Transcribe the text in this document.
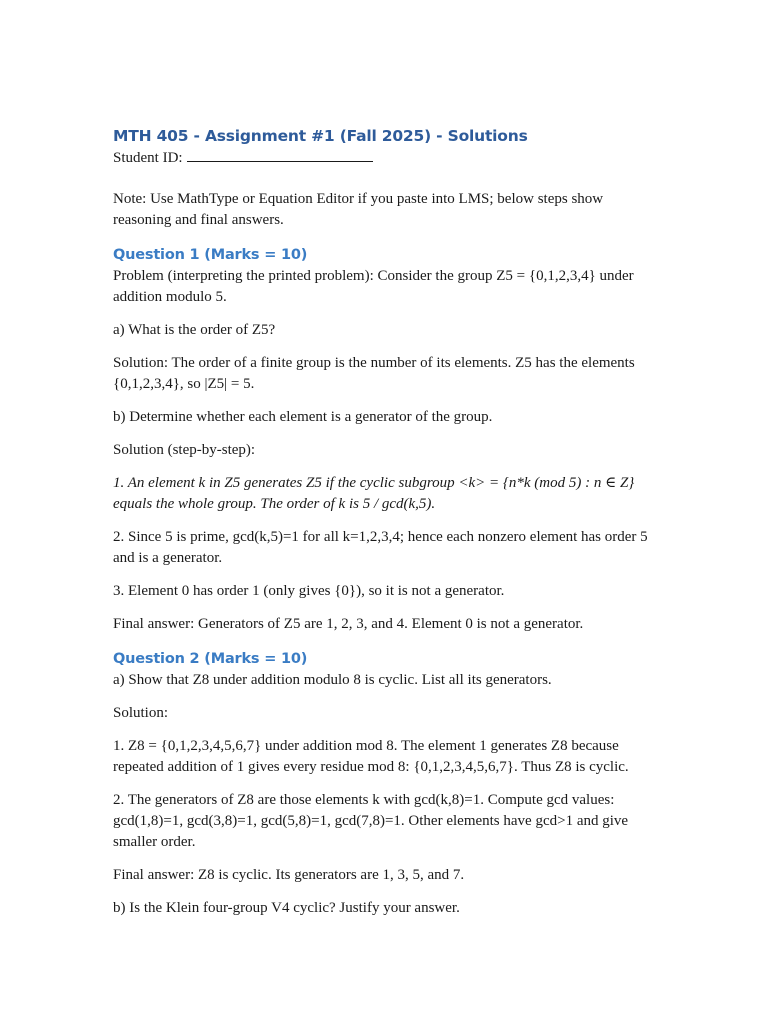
MTH 405 - Assignment #1 (Fall 2025) - Solutions

Student ID:

Note: Use MathType or Equation Editor if you paste into LMS; below steps show reasoning and final answers.

Question 1 (Marks = 10)

Problem (interpreting the printed problem): Consider the group Z5 = {0,1,2,3,4} under addition modulo 5.

a) What is the order of Z5?

Solution: The order of a finite group is the number of its elements. Z5 has the elements {0,1,2,3,4}, so |Z5| = 5.

b) Determine whether each element is a generator of the group.

Solution (step-by-step):

1. An element k in Z5 generates Z5 if the cyclic subgroup <k> = {n*k (mod 5) : n ∈ Z} equals the whole group. The order of k is 5 / gcd(k,5).

2. Since 5 is prime, gcd(k,5)=1 for all k=1,2,3,4; hence each nonzero element has order 5 and is a generator.

3. Element 0 has order 1 (only gives {0}), so it is not a generator.

Final answer: Generators of Z5 are 1, 2, 3, and 4. Element 0 is not a generator.

Question 2 (Marks = 10)

a) Show that Z8 under addition modulo 8 is cyclic. List all its generators.

Solution:

1. Z8 = {0,1,2,3,4,5,6,7} under addition mod 8. The element 1 generates Z8 because repeated addition of 1 gives every residue mod 8: {0,1,2,3,4,5,6,7}. Thus Z8 is cyclic.

2. The generators of Z8 are those elements k with gcd(k,8)=1. Compute gcd values: gcd(1,8)=1, gcd(3,8)=1, gcd(5,8)=1, gcd(7,8)=1. Other elements have gcd>1 and give smaller order.

Final answer: Z8 is cyclic. Its generators are 1, 3, 5, and 7.

b) Is the Klein four-group V4 cyclic? Justify your answer.
